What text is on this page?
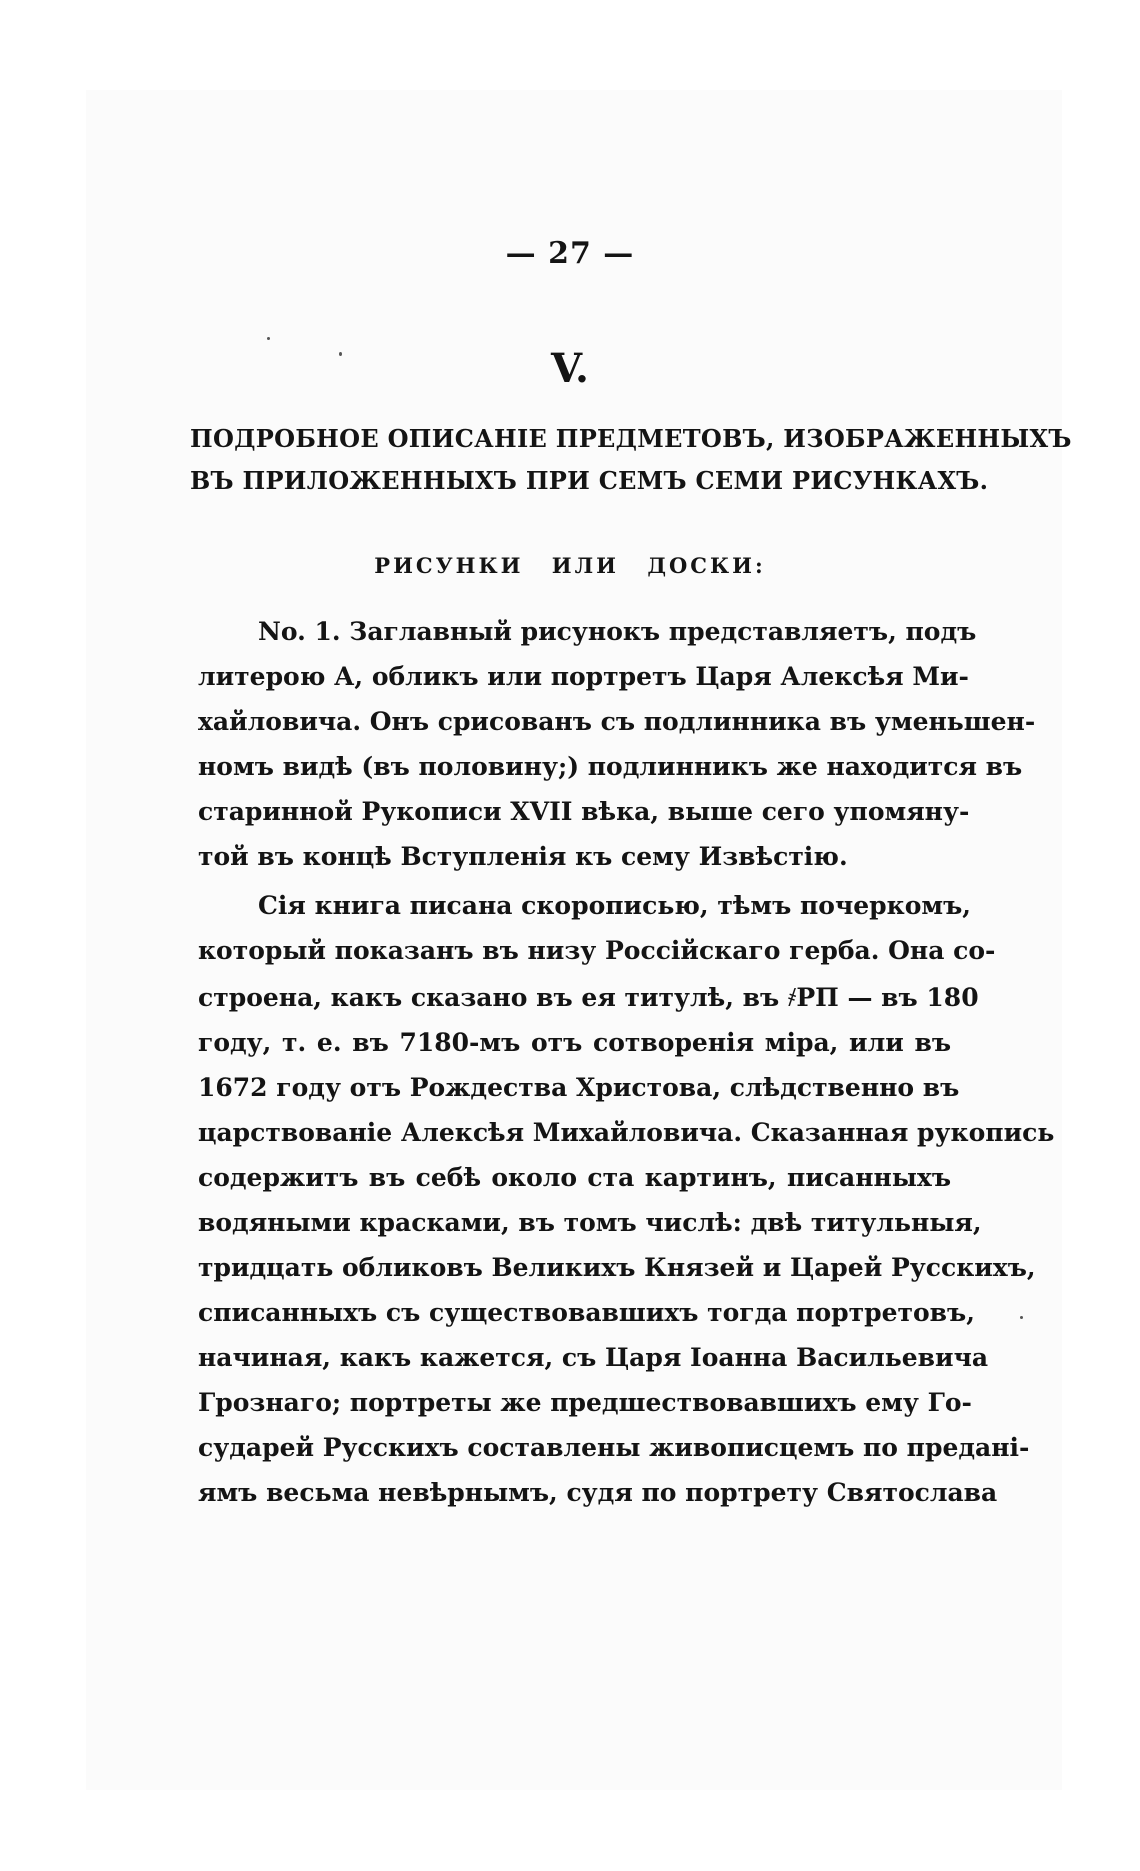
— 27 —
V.
ПОДРОБНОЕ ОПИСАНІЕ ПРЕДМЕТОВЪ, ИЗОБРАЖЕННЫХЪ
ВЪ ПРИЛОЖЕННЫХЪ ПРИ СЕМЪ СЕМИ РИСУНКАХЪ.
РИСУНКИ ИЛИ ДОСКИ:
No. 1. Заглавный рисунокъ представляетъ, подъ
литерою А, обликъ или портретъ Царя Алексѣя Ми-
хайловича. Онъ срисованъ съ подлинника въ уменьшен-
номъ видѣ (въ половину;) подлинникъ же находится въ
старинной Рукописи XVII вѣка, выше сего упомяну-
той въ концѣ Вступленія къ сему Извѣстію.
Сія книга писана скорописью, тѣмъ почеркомъ,
который показанъ въ низу Россійскаго герба. Она со-
строена, какъ сказано въ ея титулѣ, въ ҂РП — въ 180
году, т. е. въ 7180-мъ отъ сотворенія міра, или въ
1672 году отъ Рождества Христова, слѣдственно въ
царствованіе Алексѣя Михайловича. Сказанная рукопись
содержитъ въ себѣ около ста картинъ, писанныхъ
водяными красками, въ томъ числѣ: двѣ титульныя,
тридцать обликовъ Великихъ Князей и Царей Русскихъ,
списанныхъ съ существовавшихъ тогда портретовъ,
начиная, какъ кажется, съ Царя Іоанна Васильевича
Грознаго; портреты же предшествовавшихъ ему Го-
сударей Русскихъ составлены живописцемъ по предані-
ямъ весьма невѣрнымъ, судя по портрету Святослава
